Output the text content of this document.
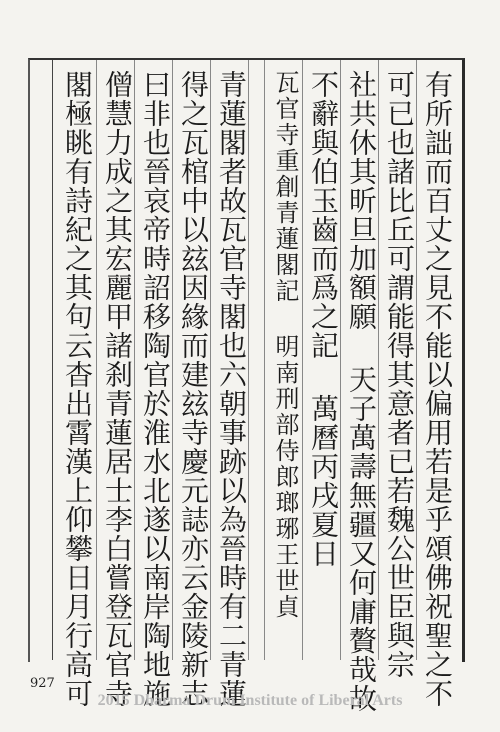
有所詘而百丈之見不能以偏用若是乎頌佛祝聖之不
可已也諸比丘可謂能得其意者已若魏公世臣與宗
社共休其昕旦加額願 天子萬壽無疆又何庸贅哉故
不辭與伯玉齒而爲之記 萬曆丙戌夏日
瓦官寺重創青蓮閣記 明南刑部侍郎瑯琊王世貞
青蓮閣者故瓦官寺閣也六朝事跡以為晉時有二青蓮
得之瓦棺中以玆因緣而建玆寺慶元誌亦云金陵新志
曰非也晉哀帝時詔移陶官於淮水北遂以南岸陶地施
僧慧力成之其宏麗甲諸刹青蓮居士李白嘗登瓦官寺
閣極眺有詩紀之其句云杳出霄漢上仰攀日月行高可
927
2015 Dharma Drum Institute of Liberal Arts
